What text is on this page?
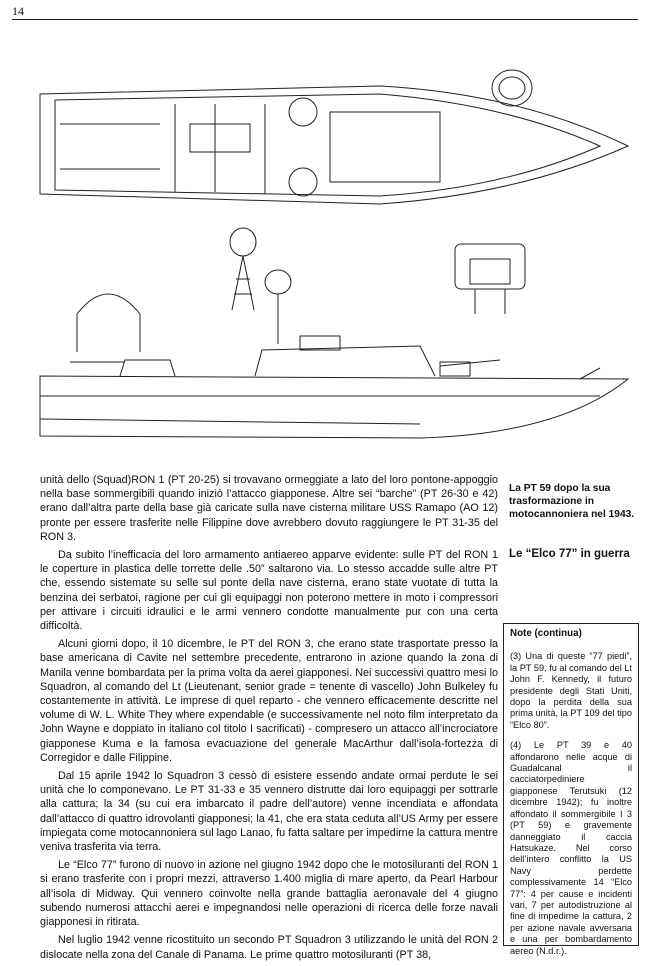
14

unità dello (Squad)RON 1 (PT 20-25) si trovavano ormeggiate a lato del loro pontone-appoggio nella base sommergibili quando iniziò l’attacco giapponese. Altre sei “barche” (PT 26-30 e 42) erano dall’altra parte della base già caricate sulla nave cisterna militare USS Ramapo (AO 12) pronte per essere trasferite nelle Filippine dove avrebbero dovuto raggiungere le PT 31-35 del RON 3.

Da subito l’inefficacia del loro armamento antiaereo apparve evidente: sulle PT del RON 1 le coperture in plastica delle torrette delle .50” saltarono via. Lo stesso accadde sulle altre PT che, essendo sistemate su selle sul ponte della nave cisterna, erano state vuotate di tutta la benzina dei serbatoi, ragione per cui gli equipaggi non poterono mettere in moto i compressori per attivare i circuiti idraulici e le armi vennero condotte manualmente pur con una certa difficoltà.

Alcuni giorni dopo, il 10 dicembre, le PT del RON 3, che erano state trasportate presso la base americana di Cavite nel settembre precedente, entrarono in azione quando la zona di Manila venne bombardata per la prima volta da aerei giapponesi. Nei successivi quattro mesi lo Squadron, al comando del Lt (Lieutenant, senior grade = tenente di vascello) John Bulkeley fu costantemente in attività. Le imprese di quel reparto - che vennero efficacemente descritte nel volume di W. L. White They where expendable (e successivamente nel noto film interpretato da John Wayne e doppiato in italiano col titolo I sacrificati) - compresero un attacco all’incrociatore giapponese Kuma e la famosa evacuazione del generale MacArthur dall’isola-fortezza di Corregidor e dalle Filippine.

Dal 15 aprile 1942 lo Squadron 3 cessò di esistere essendo andate ormai perdute le sei unità che lo componevano. Le PT 31-33 e 35 vennero distrutte dai loro equipaggi per sottrarle alla cattura; la 34 (su cui era imbarcato il padre dell’autore) venne incendiata e affondata dall’attacco di quattro idrovolanti giapponesi; la 41, che era stata ceduta all’US Army per essere impiegata come motocannoniera sul lago Lanao, fu fatta saltare per impedirne la cattura mentre veniva trasferita via terra.

Le “Elco 77” furono di nuovo in azione nel giugno 1942 dopo che le motosiluranti del RON 1 si erano trasferite con i propri mezzi, attraverso 1.400 miglia di mare aperto, da Pearl Harbour all’isola di Midway. Qui vennero coinvolte nella grande battaglia aeronavale del 4 giugno subendo numerosi attacchi aerei e impegnandosi nelle operazioni di ricerca delle forze navali giapponesi in ritirata.

Nel luglio 1942 venne ricostituito un secondo PT Squadron 3 utilizzando le unità del RON 2 dislocate nella zona del Canale di Panama. Le prime quattro motosiluranti (PT 38,

La PT 59 dopo la sua trasformazione in motocannoniera nel 1943.
Le “Elco 77” in guerra
Note (continua)

(3) Una di queste “77 piedi”, la PT 59, fu al comando del Lt John F. Kennedy, il futuro presidente degli Stati Uniti, dopo la perdita della sua prima unità, la PT 109 del tipo “Elco 80”.

(4) Le PT 39 e 40 affondarono nelle acque di Guadalcanal il cacciatorpediniere giapponese Terutsuki (12 dicembre 1942); fu inoltre affondato il sommergibile I 3 (PT 59) e gravemente danneggiato il caccia Hatsukaze. Nel corso dell’intero conflitto la US Navy perdette complessivamente 14 “Elco 77”: 4 per cause e incidenti vari, 7 per autodistruzione al fine di impedirne la cattura, 2 per azione navale avversaria e una per bombardamento aereo (N.d.r.).
